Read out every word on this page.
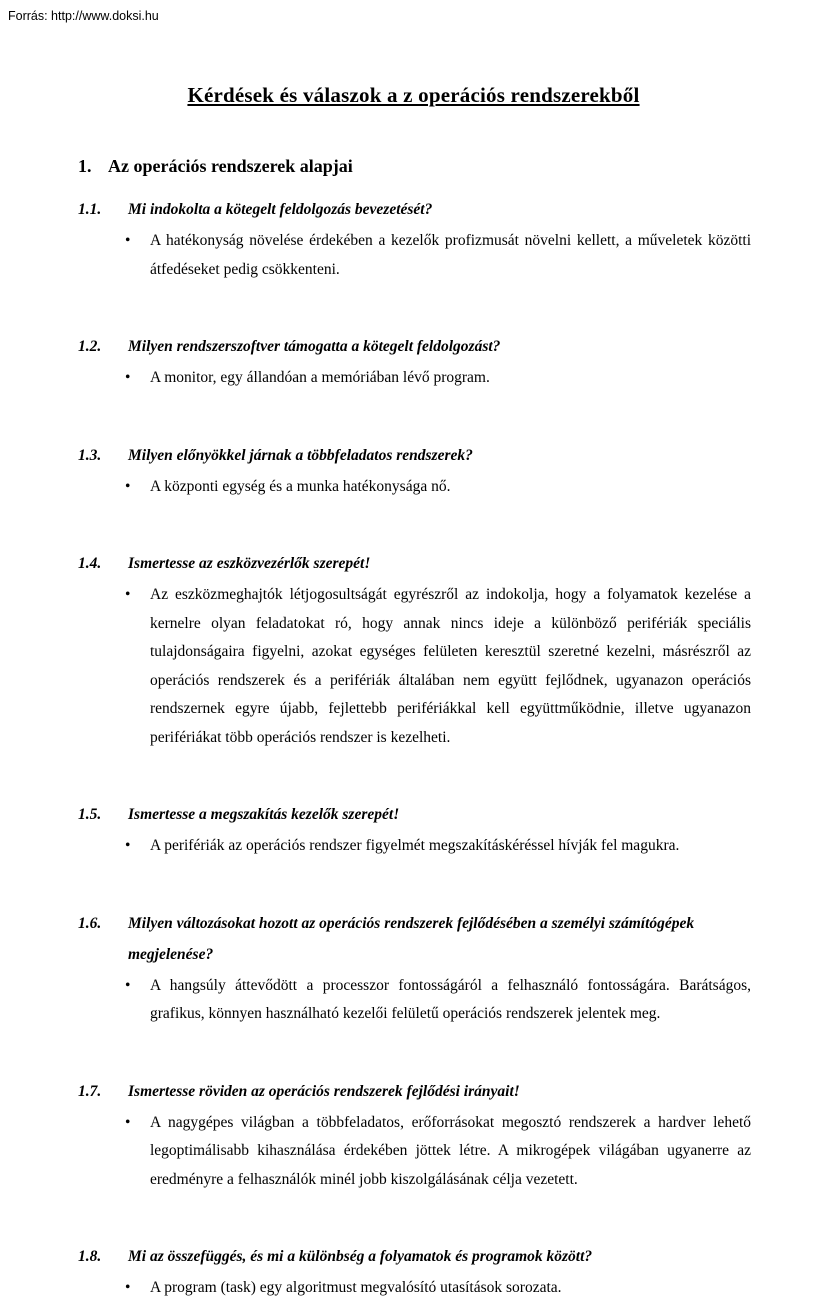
Forrás: http://www.doksi.hu
Kérdések és válaszok a z operációs rendszerekből
1. Az operációs rendszerek alapjai
1.1.	Mi indokolta a kötegelt feldolgozás bevezetését?
•	A hatékonyság növelése érdekében a kezelők profizmusát növelni kellett, a műveletek közötti átfedéseket pedig csökkenteni.
1.2.	Milyen rendszerszoftver támogatta a kötegelt feldolgozást?
•	A monitor, egy állandóan a memóriában lévő program.
1.3.	Milyen előnyökkel járnak a többfeladatos rendszerek?
•	A központi egység és a munka hatékonysága nő.
1.4.	Ismertesse az eszközvezérlők szerepét!
•	Az eszközmeghajtók létjogosultságát egyrészről az indokolja, hogy a folyamatok kezelése a kernelre olyan feladatokat ró, hogy annak nincs ideje a különböző perifériák speciális tulajdonságaira figyelni, azokat egységes felületen keresztül szeretné kezelni, másrészről az operációs rendszerek és a perifériák általában nem együtt fejlődnek, ugyanazon operációs rendszernek egyre újabb, fejlettebb perifériákkal kell együttműködnie, illetve ugyanazon perifériákat több operációs rendszer is kezelheti.
1.5.	Ismertesse a megszakítás kezelők szerepét!
•	A perifériák az operációs rendszer figyelmét megszakításkéréssel hívják fel magukra.
1.6.	Milyen változásokat hozott az operációs rendszerek fejlődésében a személyi számítógépek megjelenése?
•	A hangsúly áttevődött a processzor fontosságáról a felhasználó fontosságára. Barátságos, grafikus, könnyen használható kezelői felületű operációs rendszerek jelentek meg.
1.7.	Ismertesse röviden az operációs rendszerek fejlődési irányait!
•	A nagygépes világban a többfeladatos, erőforrásokat megosztó rendszerek a hardver lehető legoptimálisabb kihasználása érdekében jöttek létre. A mikrogépek világában ugyanerre az eredményre a felhasználók minél jobb kiszolgálásának célja vezetett.
1.8.	Mi az összefüggés, és mi a különbség a folyamatok és programok között?
•	A program (task) egy algoritmust megvalósító utasítások sorozata.
